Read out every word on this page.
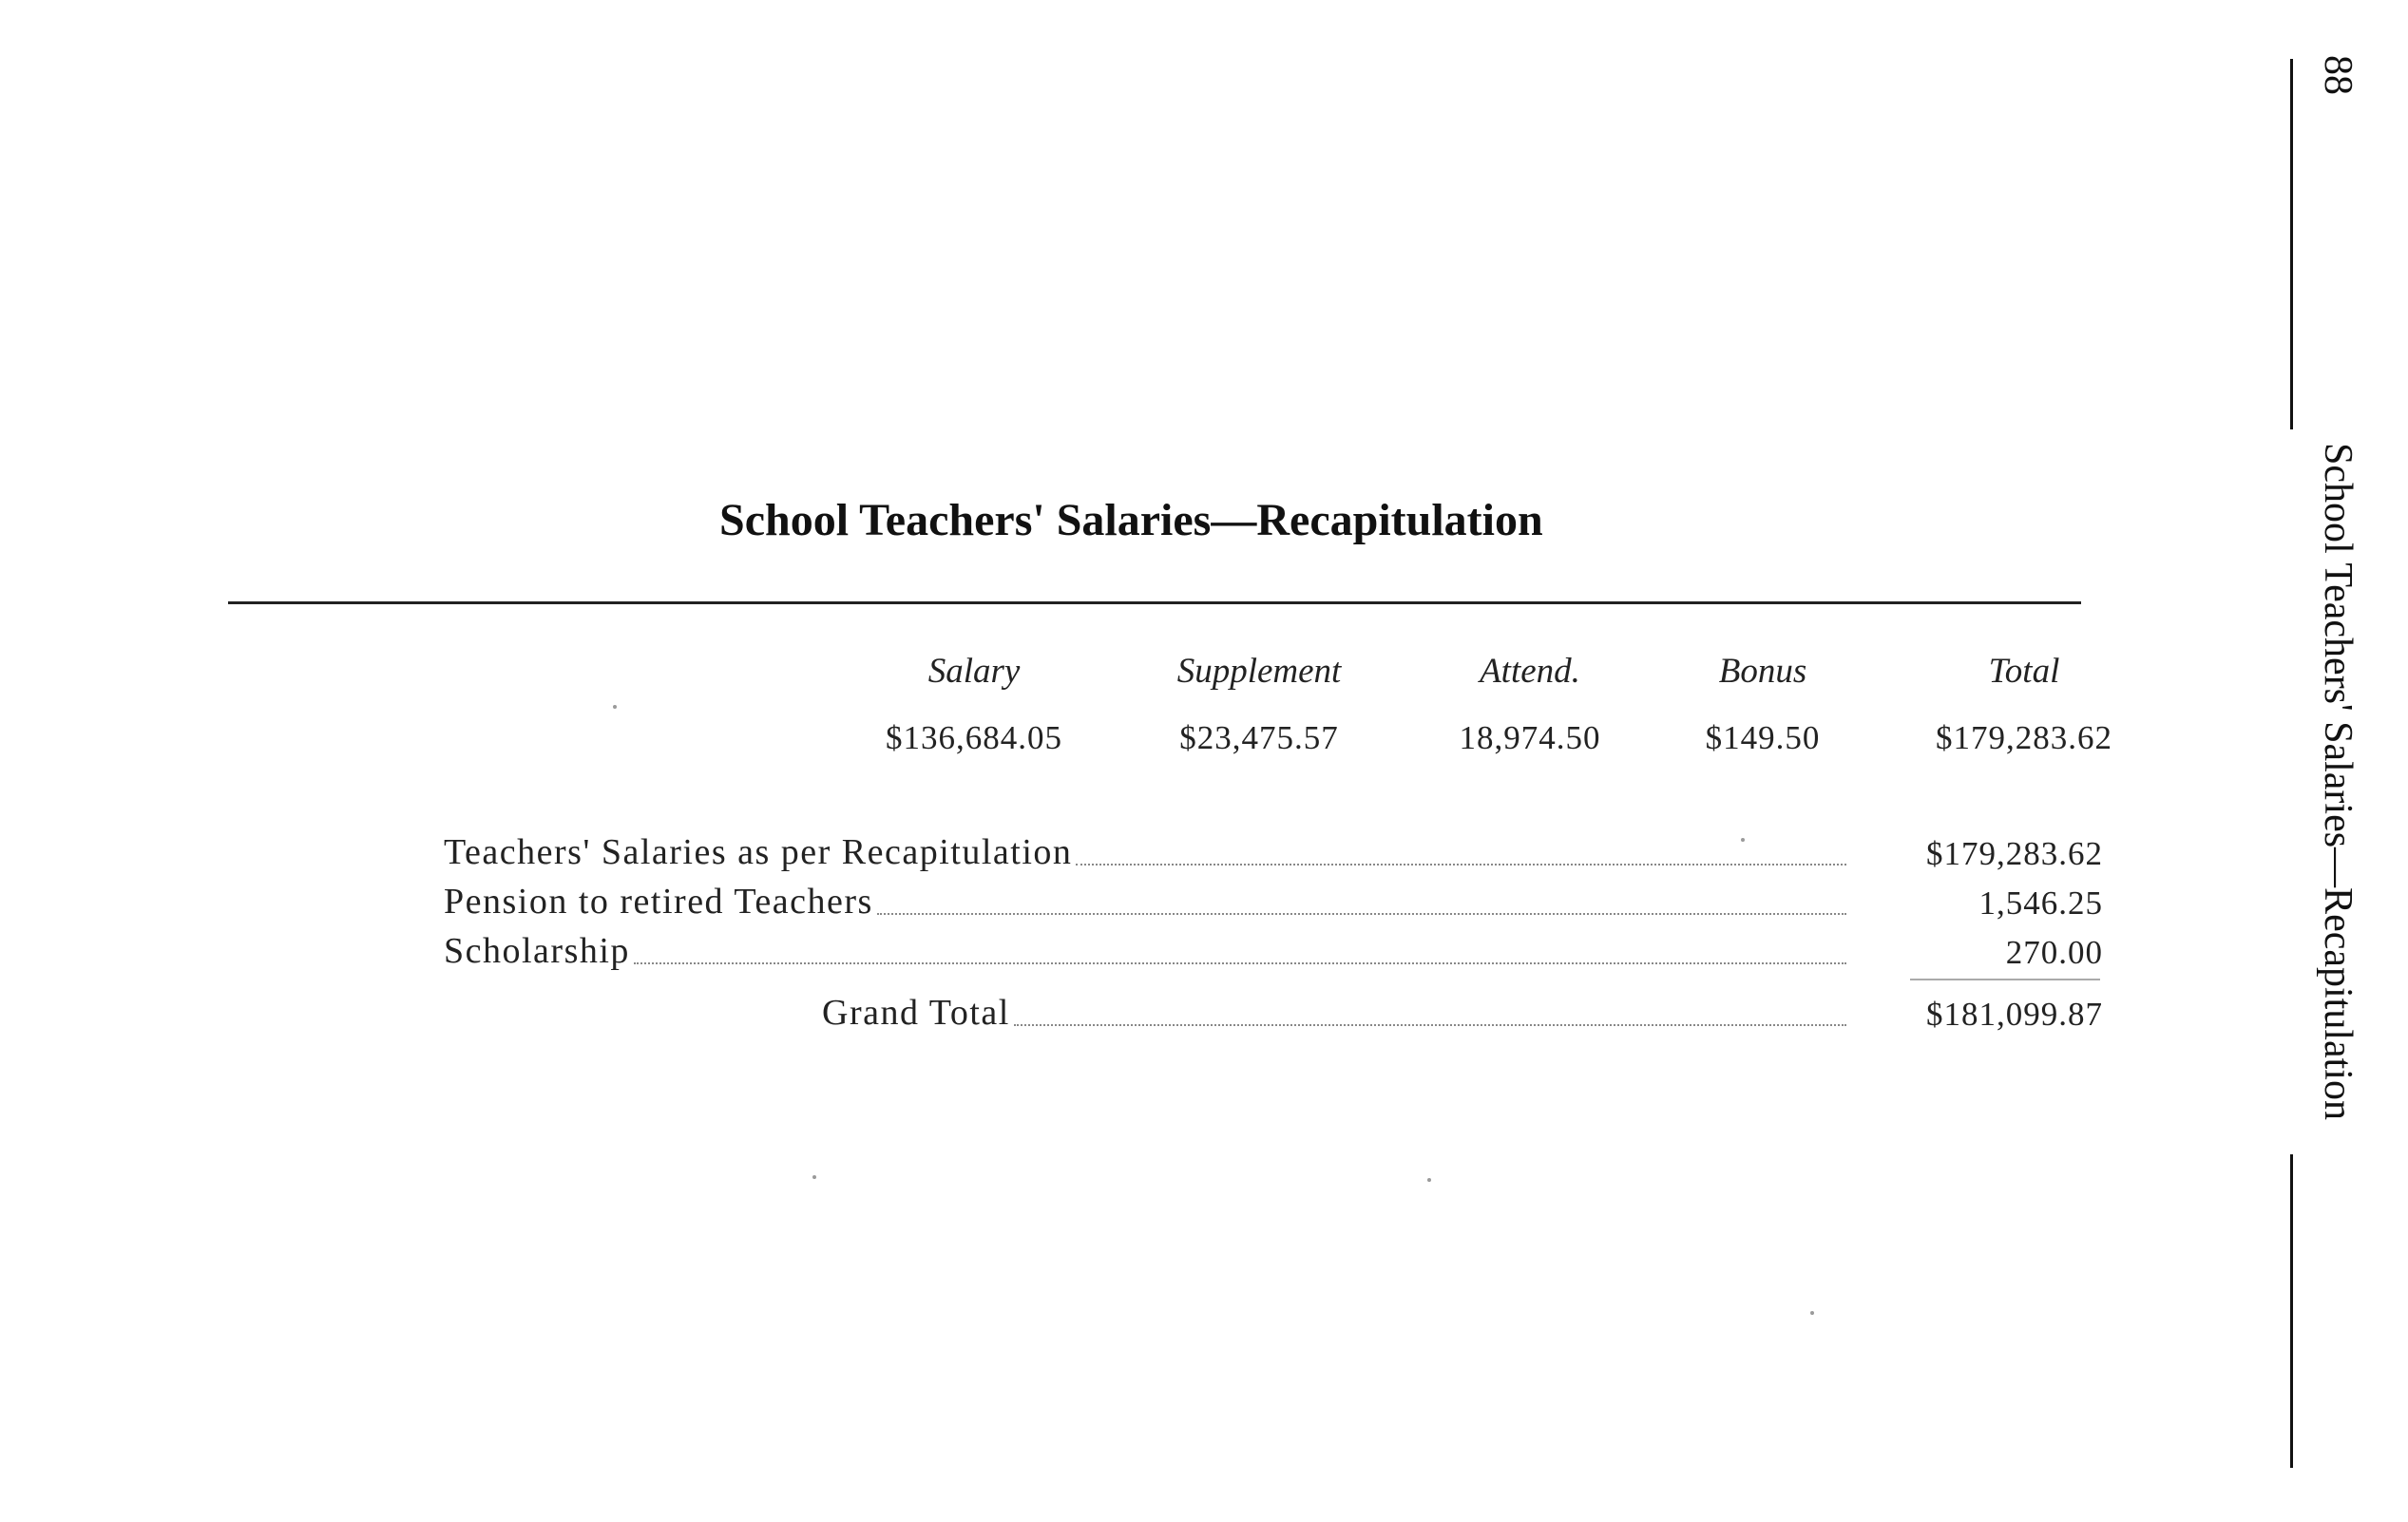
School Teachers' Salaries—Recapitulation
Salary	Supplement	Attend.	Bonus	Total
$136,684.05	$23,475.57	18,974.50	$149.50	$179,283.62
Teachers' Salaries as per Recapitulation	$179,283.62
Pension to retired Teachers	1,546.25
Scholarship	270.00
Grand Total	$181,099.87
88
School Teachers' Salaries—Recapitulation
